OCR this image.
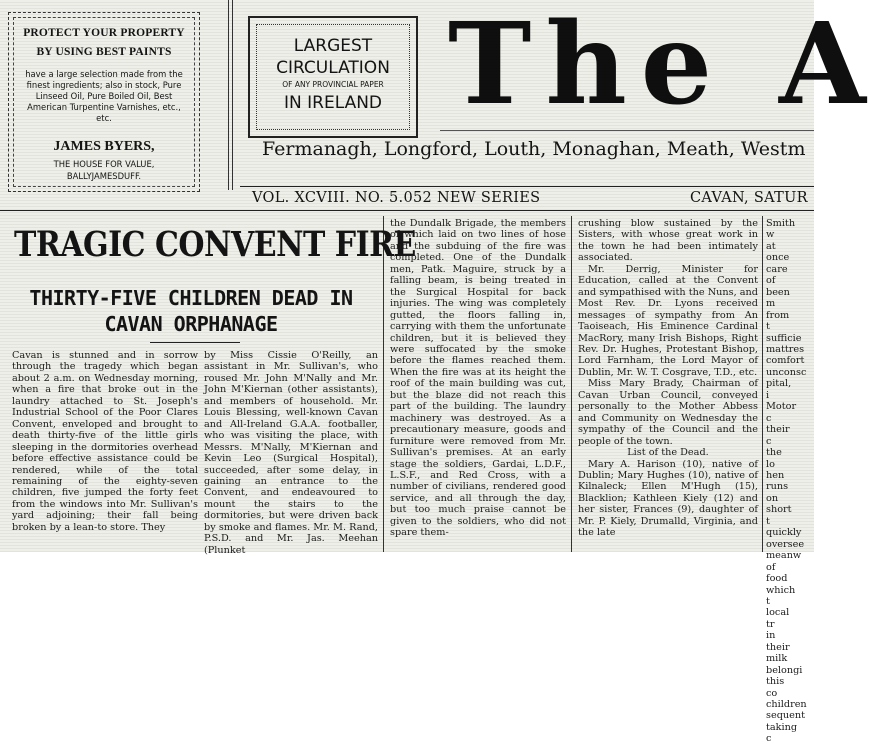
PROTECT YOUR PROPERTY
BY USING BEST PAINTS
have a large selection made from the finest ingredients; also in stock, Pure Linseed Oil, Pure Boiled Oil, Best American Turpentine Varnishes, etc., etc.
JAMES BYERS,
THE HOUSE FOR VALUE,
BALLYJAMESDUFF.
LARGEST
CIRCULATION
OF ANY PROVINCIAL PAPER
IN IRELAND The A
Fermanagh, Longford, Louth, Monaghan, Meath, Westm
VOL. XCVIII. NO. 5.052 NEW SERIES	CAVAN, SATUR
TRAGIC CONVENT FIRE
THIRTY-FIVE CHILDREN DEAD IN
CAVAN ORPHANAGE

Cavan is stunned and in sorrow through the tragedy which began about 2 a.m. on Wednesday morning, when a fire that broke out in the laundry attached to St. Joseph's Industrial School of the Poor Clares Convent, enveloped and brought to death thirty-five of the little girls sleeping in the dormitories overhead before effective assistance could be rendered, while of the total remaining of the eighty-seven children, five jumped the forty feet from the windows into Mr. Sullivan's yard adjoining; their fall being broken by a lean-to store. They

by Miss Cissie O'Reilly, an assistant in Mr. Sullivan's, who roused Mr. John M'Nally and Mr. John M'Kiernan (other assistants), and members of household. Mr. Louis Blessing, well-known Cavan and All-Ireland G.A.A. footballer, who was visiting the place, with Messrs. M'Nally, M'Kiernan and Kevin Leo (Surgical Hospital), succeeded, after some delay, in gaining an entrance to the Convent, and endeavoured to mount the stairs to the dormitories, but were driven back by smoke and flames. Mr. M. Rand, P.S.D. and Mr. Jas. Meehan (Plunket

the Dundalk Brigade, the members of which laid on two lines of hose and the subduing of the fire was completed. One of the Dundalk men, Patk. Maguire, struck by a falling beam, is being treated in the Surgical Hospital for back injuries. The wing was completely gutted, the floors falling in, carrying with them the unfortunate children, but it is believed they were suffocated by the smoke before the flames reached them. When the fire was at its height the roof of the main building was cut, but the blaze did not reach this part of the building. The laundry machinery was destroyed. As a precautionary measure, goods and furniture were removed from Mr. Sullivan's premises. At an early stage the soldiers, Gardai, L.D.F., L.S.F., and Red Cross, with a number of civilians, rendered good service, and all through the day, but too much praise cannot be given to the soldiers, who did not spare them-

crushing blow sustained by the Sisters, with whose great work in the town he had been intimately associated.

Mr. Derrig, Minister for Education, called at the Convent and sympathised with the Nuns, and Most Rev. Dr. Lyons received messages of sympathy from An Taoiseach, His Eminence Cardinal MacRory, many Irish Bishops, Right Rev. Dr. Hughes, Protestant Bishop, Lord Farnham, the Lord Mayor of Dublin, Mr. W. T. Cosgrave, T.D., etc.

Miss Mary Brady, Chairman of Cavan Urban Council, conveyed personally to the Mother Abbess and Community on Wednesday the sympathy of the Council and the people of the town.

List of the Dead.

Mary A. Harison (10), native of Dublin; Mary Hughes (10), native of Kilnaleck; Ellen M'Hugh (15), Blacklion; Kathleen Kiely (12) and her sister, Frances (9), daughter of Mr. P. Kiely, Drumalld, Virginia, and the late

Smith w at once care of been m from t sufficie mattres comfort unconsc pital, i Motor c their c the lo hen runs on short t quickly oversee meanw of food which t local tr in their milk belongi this co children sequent taking c
